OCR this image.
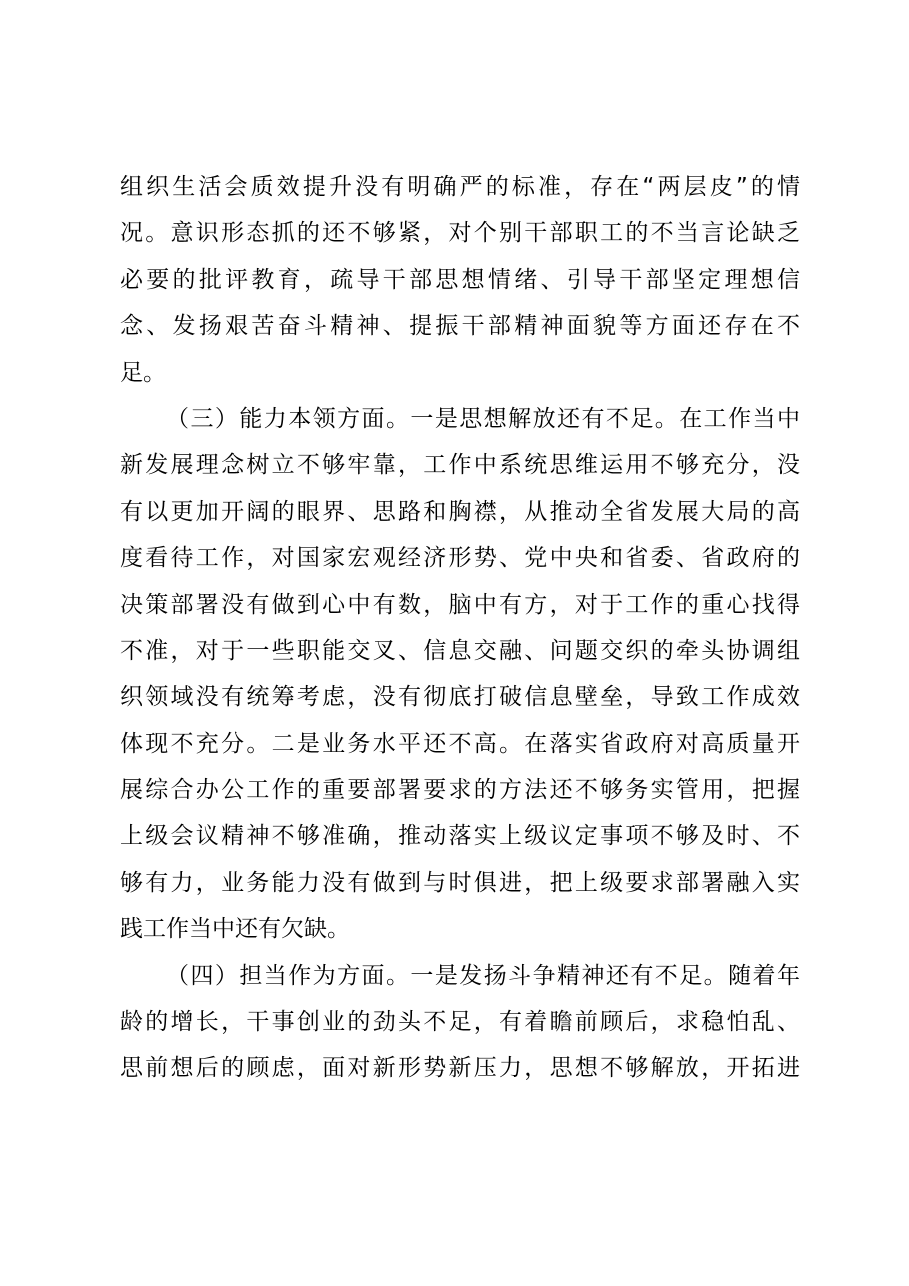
组织生活会质效提升没有明确严的标准，存在“两层皮”的情
况。意识形态抓的还不够紧，对个别干部职工的不当言论缺乏
必要的批评教育，疏导干部思想情绪、引导干部坚定理想信
念、发扬艰苦奋斗精神、提振干部精神面貌等方面还存在不
足。
（三）能力本领方面。一是思想解放还有不足。在工作当中
新发展理念树立不够牢靠，工作中系统思维运用不够充分，没
有以更加开阔的眼界、思路和胸襟，从推动全省发展大局的高
度看待工作，对国家宏观经济形势、党中央和省委、省政府的
决策部署没有做到心中有数，脑中有方，对于工作的重心找得
不准，对于一些职能交叉、信息交融、问题交织的牵头协调组
织领域没有统筹考虑，没有彻底打破信息壁垒，导致工作成效
体现不充分。二是业务水平还不高。在落实省政府对高质量开
展综合办公工作的重要部署要求的方法还不够务实管用，把握
上级会议精神不够准确，推动落实上级议定事项不够及时、不
够有力，业务能力没有做到与时俱进，把上级要求部署融入实
践工作当中还有欠缺。
（四）担当作为方面。一是发扬斗争精神还有不足。随着年
龄的增长，干事创业的劲头不足，有着瞻前顾后，求稳怕乱、
思前想后的顾虑，面对新形势新压力，思想不够解放，开拓进
